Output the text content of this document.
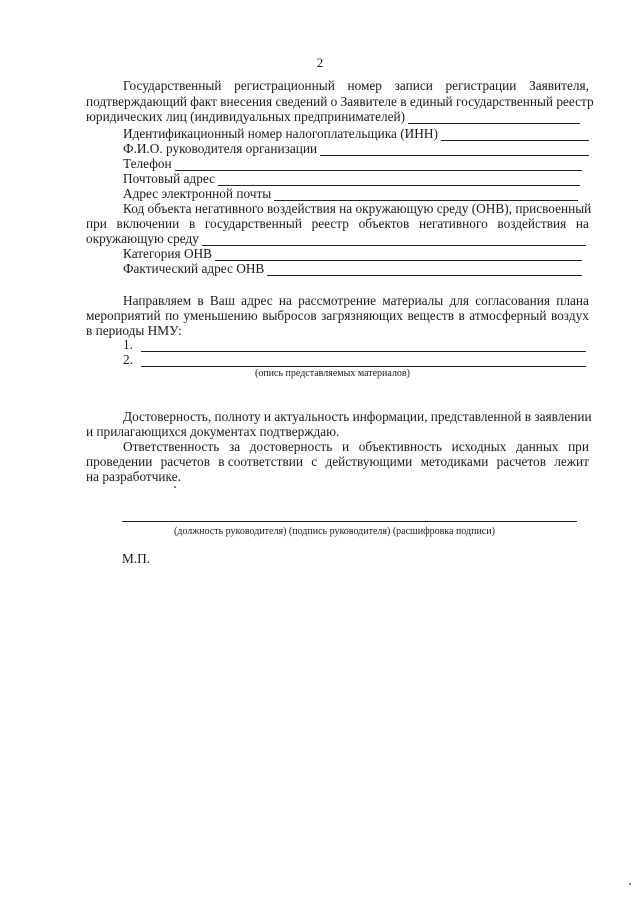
2
Государственный регистрационный номер записи регистрации Заявителя,
подтверждающий факт внесения сведений о Заявителе в единый государственный реестр
юридических лиц (индивидуальных предпринимателей)
Идентификационный номер налогоплательщика (ИНН)
Ф.И.О. руководителя организации
Телефон
Почтовый адрес
Адрес электронной почты
Код объекта негативного воздействия на окружающую среду (ОНВ), присвоенный
при включении в государственный реестр объектов негативного воздействия на
окружающую среду
Категория ОНВ
Фактический адрес ОНВ
Направляем в Ваш адрес на рассмотрение материалы для согласования плана
мероприятий по уменьшению выбросов загрязняющих веществ в атмосферный воздух
в периоды НМУ:
1.
2.
(опись представляемых материалов)
Достоверность, полноту и актуальность информации, представленной в заявлении
и прилагающихся документах подтверждаю.
Ответственность за достоверность и объективность исходных данных при
проведении расчетов в соответствии с действующими методиками расчетов лежит
на разработчике.
(должность руководителя) (подпись руководителя) (расшифровка подписи)
М.П.
